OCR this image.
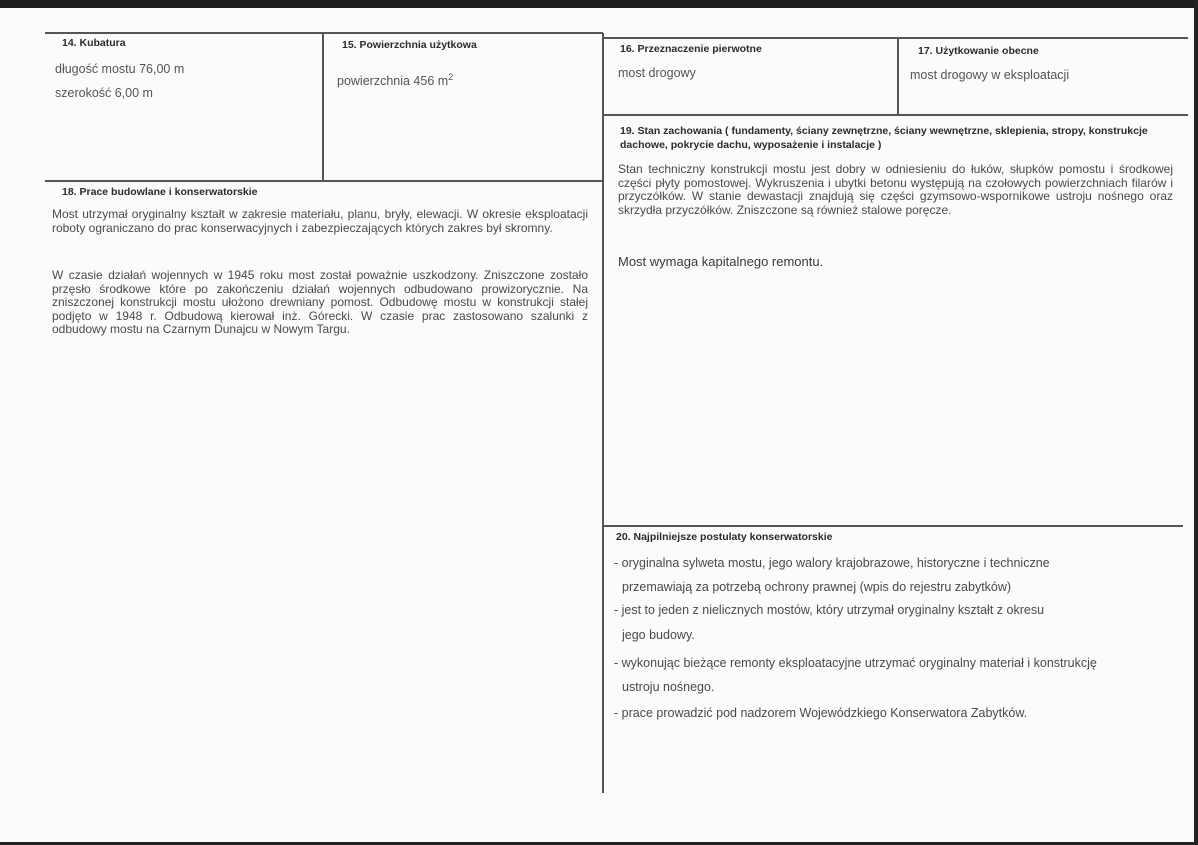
14. Kubatura
długość mostu 76,00 m
szerokość 6,00 m
15. Powierzchnia użytkowa
powierzchnia 456 $m^2$
16. Przeznaczenie pierwotne
most drogowy
17. Użytkowanie obecne
most drogowy w eksploatacji
19. Stan zachowania ( fundamenty, ściany zewnętrzne, ściany wewnętrzne, sklepienia, stropy, konstrukcje dachowe, pokrycie dachu, wyposażenie i instalacje )
Stan techniczny konstrukcji mostu jest dobry w odniesieniu do łuków, słupków pomostu i środkowej części płyty pomostowej. Wykruszenia i ubytki betonu występują na czołowych powierzchniach filarów i przyczółków. W stanie dewastacji znajdują się części gzymsowo-wspornikowe ustroju nośnego oraz skrzydła przyczółków. Zniszczone są również stalowe poręcze.
Most wymaga kapitalnego remontu.
18. Prace budowlane i konserwatorskie
Most utrzymał oryginalny kształt w zakresie materiału, planu, bryły, elewacji. W okresie eksploatacji roboty ograniczano do prac konserwacyjnych i zabezpieczających których zakres był skromny.
W czasie działań wojennych w 1945 roku most został poważnie uszkodzony. Zniszczone zostało przęsło środkowe które po zakończeniu działań wojennych odbudowano prowizorycznie. Na zniszczonej konstrukcji mostu ułożono drewniany pomost. Odbudowę mostu w konstrukcji stałej podjęto w 1948 r. Odbudową kierował inż. Górecki. W czasie prac zastosowano szalunki z odbudowy mostu na Czarnym Dunajcu w Nowym Targu.
20. Najpilniejsze postulaty konserwatorskie
- oryginalna sylweta mostu, jego walory krajobrazowe, historyczne i techniczne
przemawiają za potrzebą ochrony prawnej (wpis do rejestru zabytków)
- jest to jeden z nielicznych mostów, który utrzymał oryginalny kształt z okresu
jego budowy.
- wykonując bieżące remonty eksploatacyjne utrzymać oryginalny materiał i konstrukcję
ustroju nośnego.
- prace prowadzić pod nadzorem Wojewódzkiego Konserwatora Zabytków.
